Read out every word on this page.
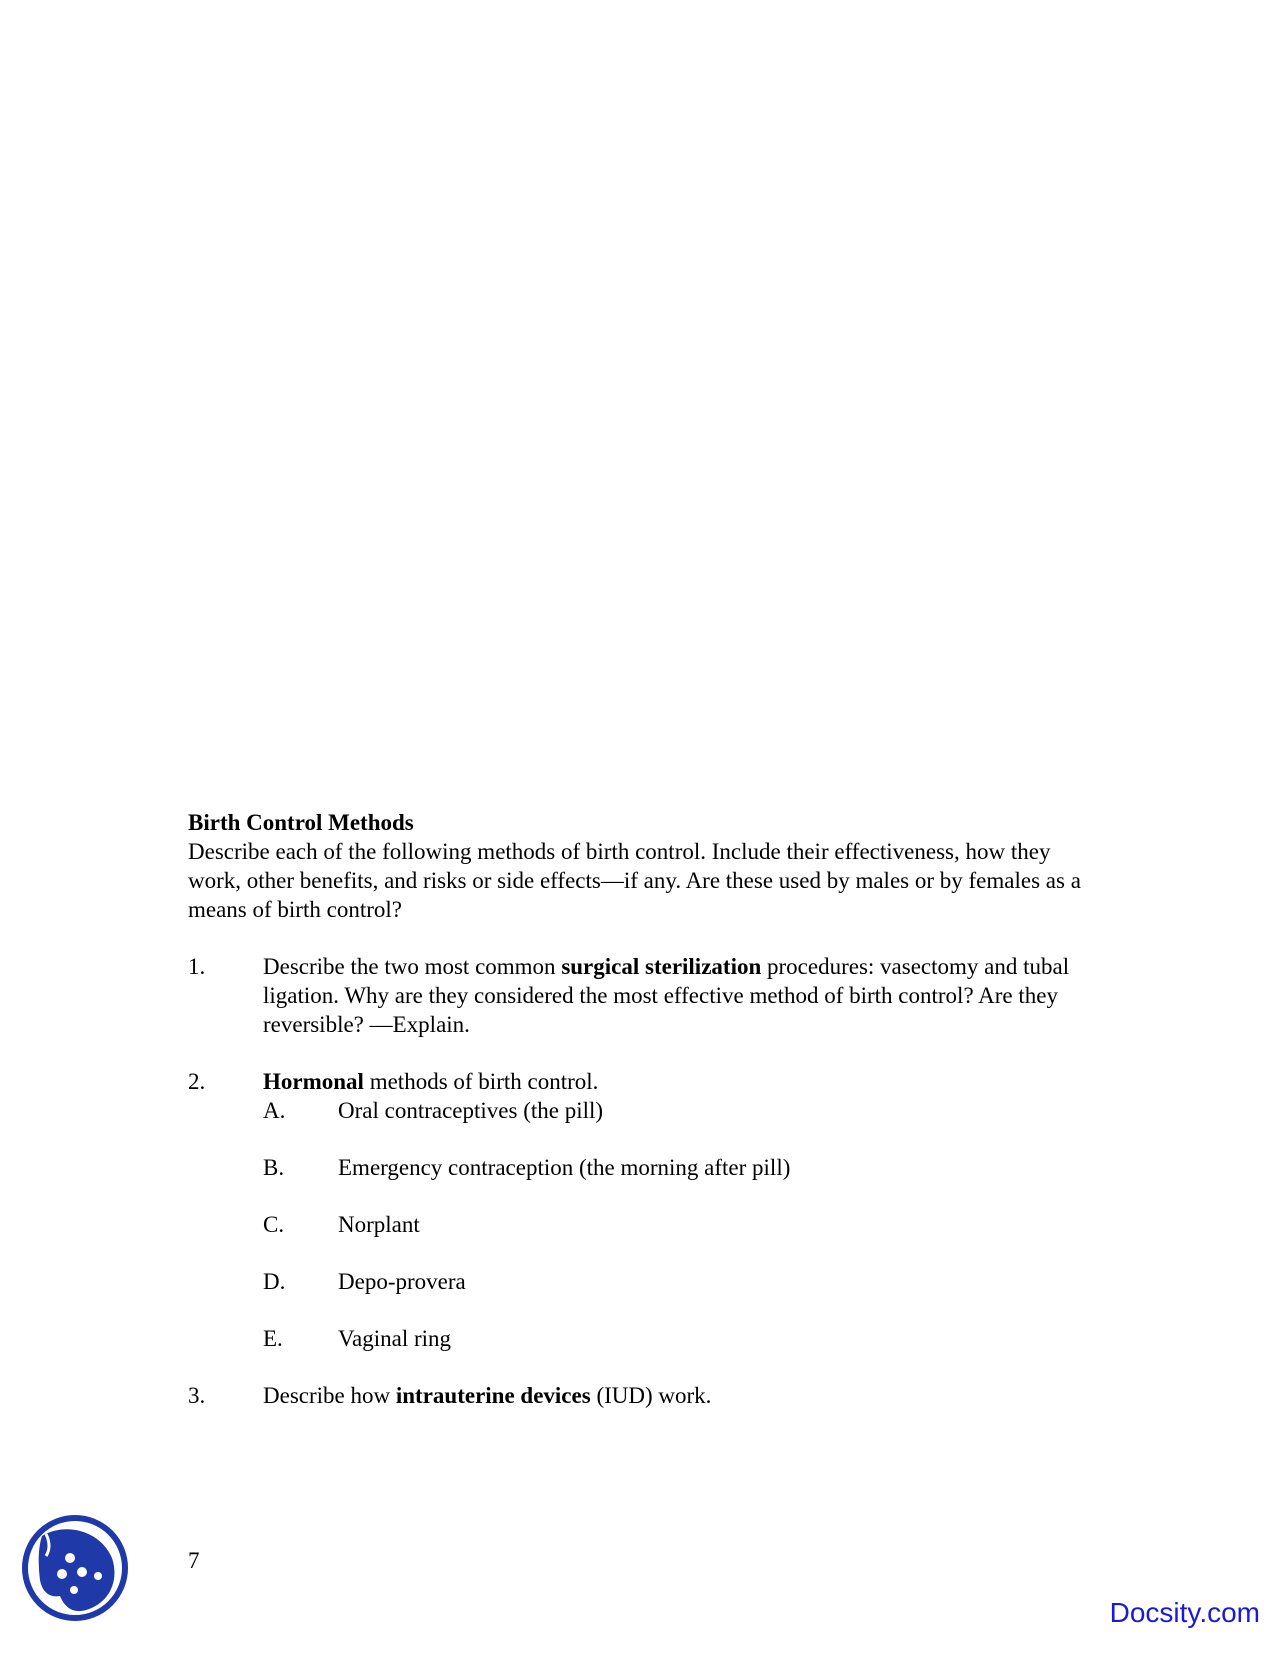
Birth Control Methods

Describe each of the following methods of birth control. Include their effectiveness, how they work, other benefits, and risks or side effects—if any. Are these used by males or by females as a means of birth control?

1.	Describe the two most common surgical sterilization procedures: vasectomy and tubal ligation. Why are they considered the most effective method of birth control? Are they reversible? —Explain.
2.	Hormonal methods of birth control.
A. Oral contraceptives (the pill)
B. Emergency contraception (the morning after pill)
C. Norplant
D. Depo-provera
E. Vaginal ring
3.	Describe how intrauterine devices (IUD) work.
7
Docsity.com
